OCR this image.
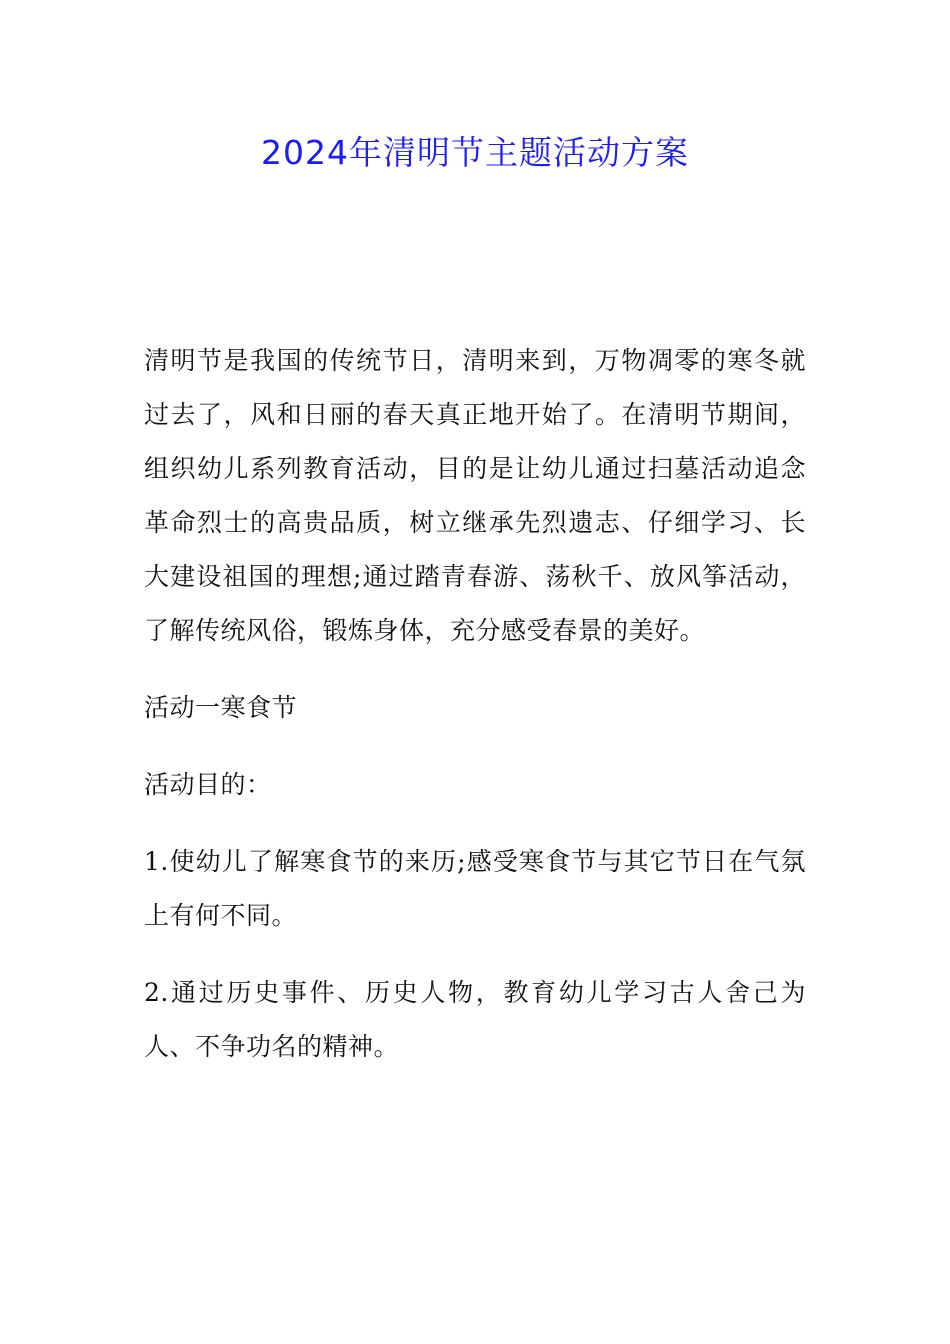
2024年清明节主题活动方案

清明节是我国的传统节日，清明来到，万物凋零的寒冬就过去了，风和日丽的春天真正地开始了。在清明节期间，组织幼儿系列教育活动，目的是让幼儿通过扫墓活动追念革命烈士的高贵品质，树立继承先烈遗志、仔细学习、长大建设祖国的理想;通过踏青春游、荡秋千、放风筝活动，了解传统风俗，锻炼身体，充分感受春景的美好。

活动一寒食节

活动目的：

1.使幼儿了解寒食节的来历;感受寒食节与其它节日在气氛上有何不同。

2.通过历史事件、历史人物，教育幼儿学习古人舍己为人、不争功名的精神。
